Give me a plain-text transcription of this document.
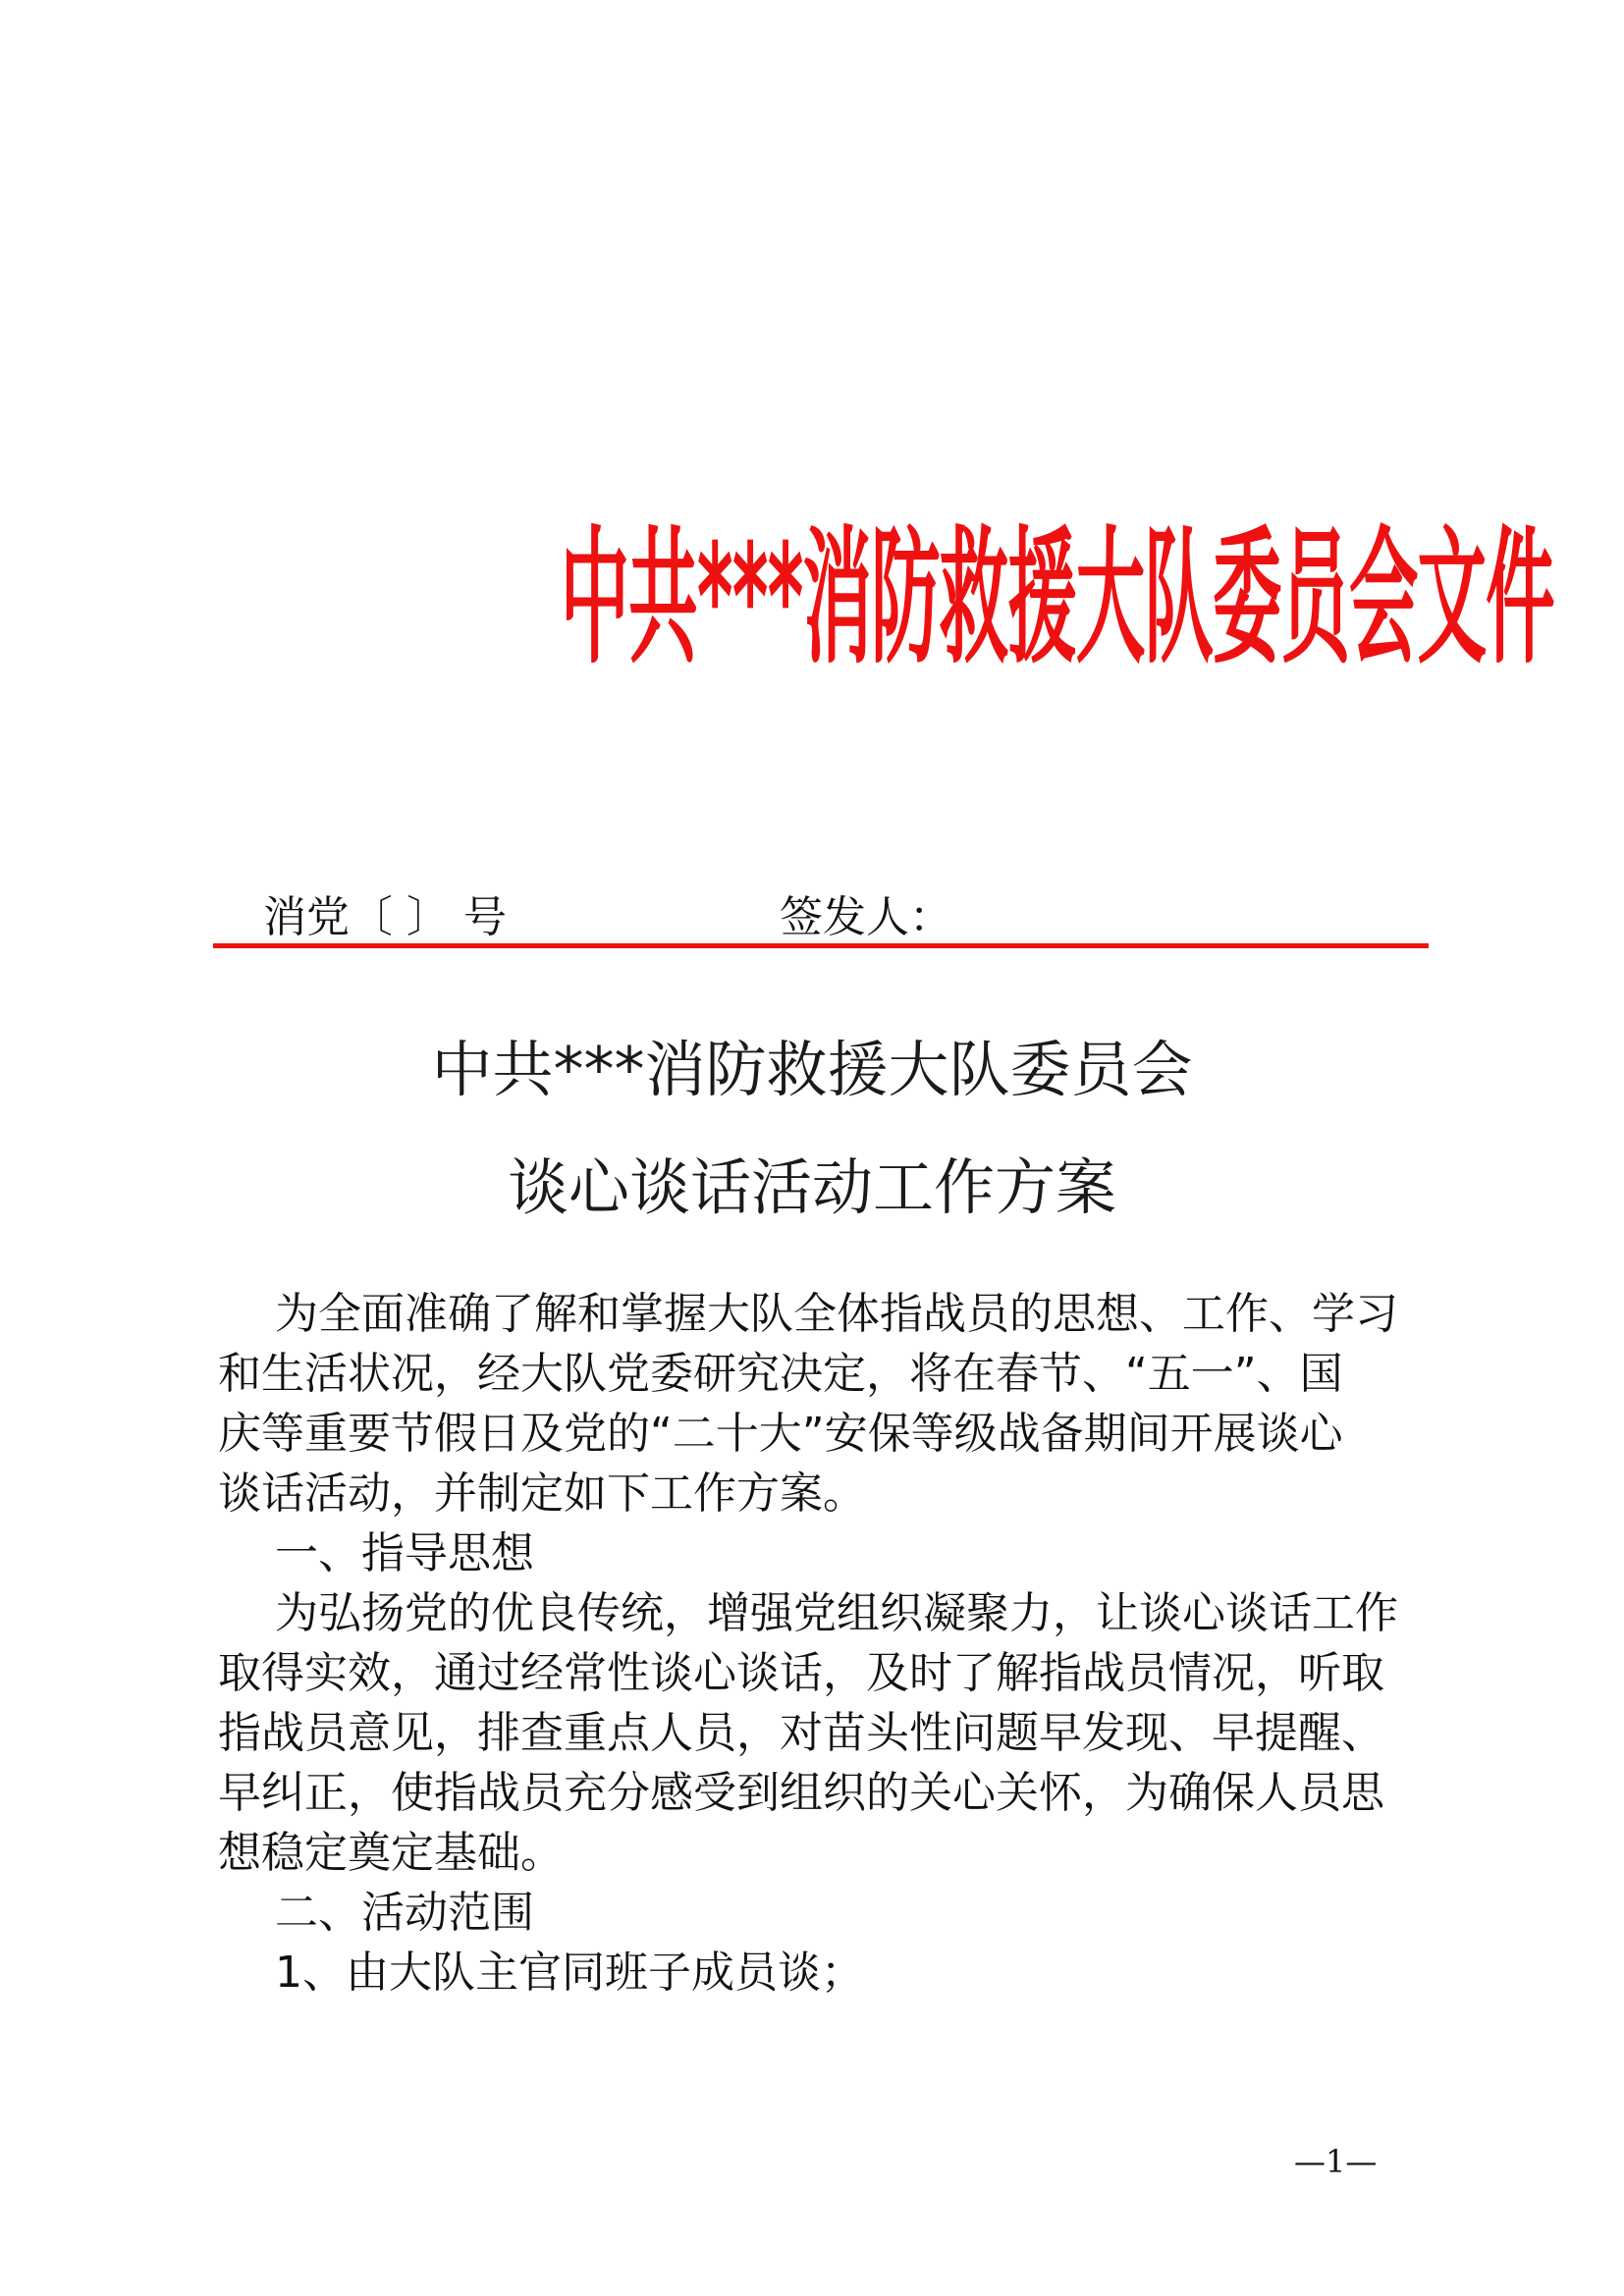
中共***消防救援大队委员会文件
消党〔 〕 号	签发人：
中共***消防救援大队委员会
谈心谈话活动工作方案
为全面准确了解和掌握大队全体指战员的思想、工作、学习
和生活状况，经大队党委研究决定，将在春节、“五一”、国
庆等重要节假日及党的“二十大”安保等级战备期间开展谈心
谈话活动，并制定如下工作方案。
一、指导思想
为弘扬党的优良传统，增强党组织凝聚力，让谈心谈话工作
取得实效，通过经常性谈心谈话，及时了解指战员情况，听取
指战员意见，排查重点人员，对苗头性问题早发现、早提醒、
早纠正，使指战员充分感受到组织的关心关怀，为确保人员思
想稳定奠定基础。
二、活动范围
1、由大队主官同班子成员谈；
—1—
